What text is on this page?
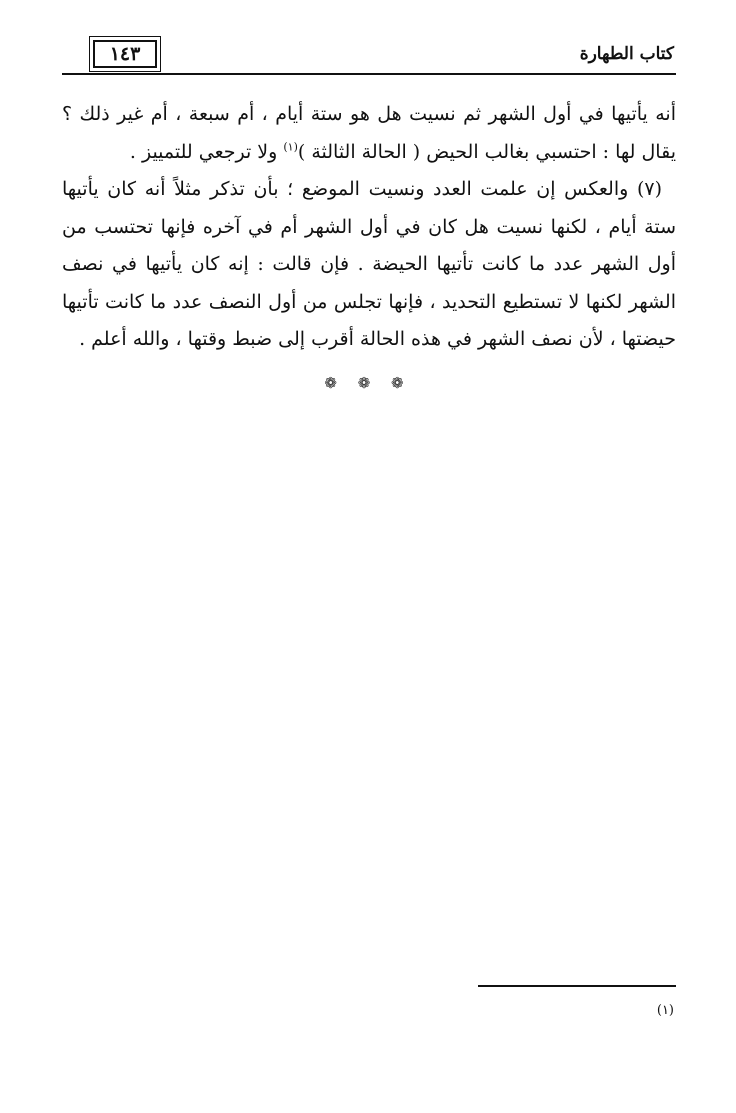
١٤٣	كتاب الطهارة

أنه يأتيها في أول الشهر ثم نسيت هل هو ستة أيام ، أم سبعة ، أم غير ذلك ؟ يقال لها : احتسبي بغالب الحيض ( الحالة الثالثة )$^{(١)}$ ولا ترجعي للتمييز .

(٧) والعكس إن علمت العدد ونسيت الموضع ؛ بأن تذكر مثلاً أنه كان يأتيها ستة أيام ، لكنها نسيت هل كان في أول الشهر أم في آخره فإنها تحتسب من أول الشهر عدد ما كانت تأتيها الحيضة . فإن قالت : إنه كان يأتيها في نصف الشهر لكنها لا تستطيع التحديد ، فإنها تجلس من أول النصف عدد ما كانت تأتيها حيضتها ، لأن نصف الشهر في هذه الحالة أقرب إلى ضبط وقتها ، والله أعلم .

❁ ❁ ❁
(١)
